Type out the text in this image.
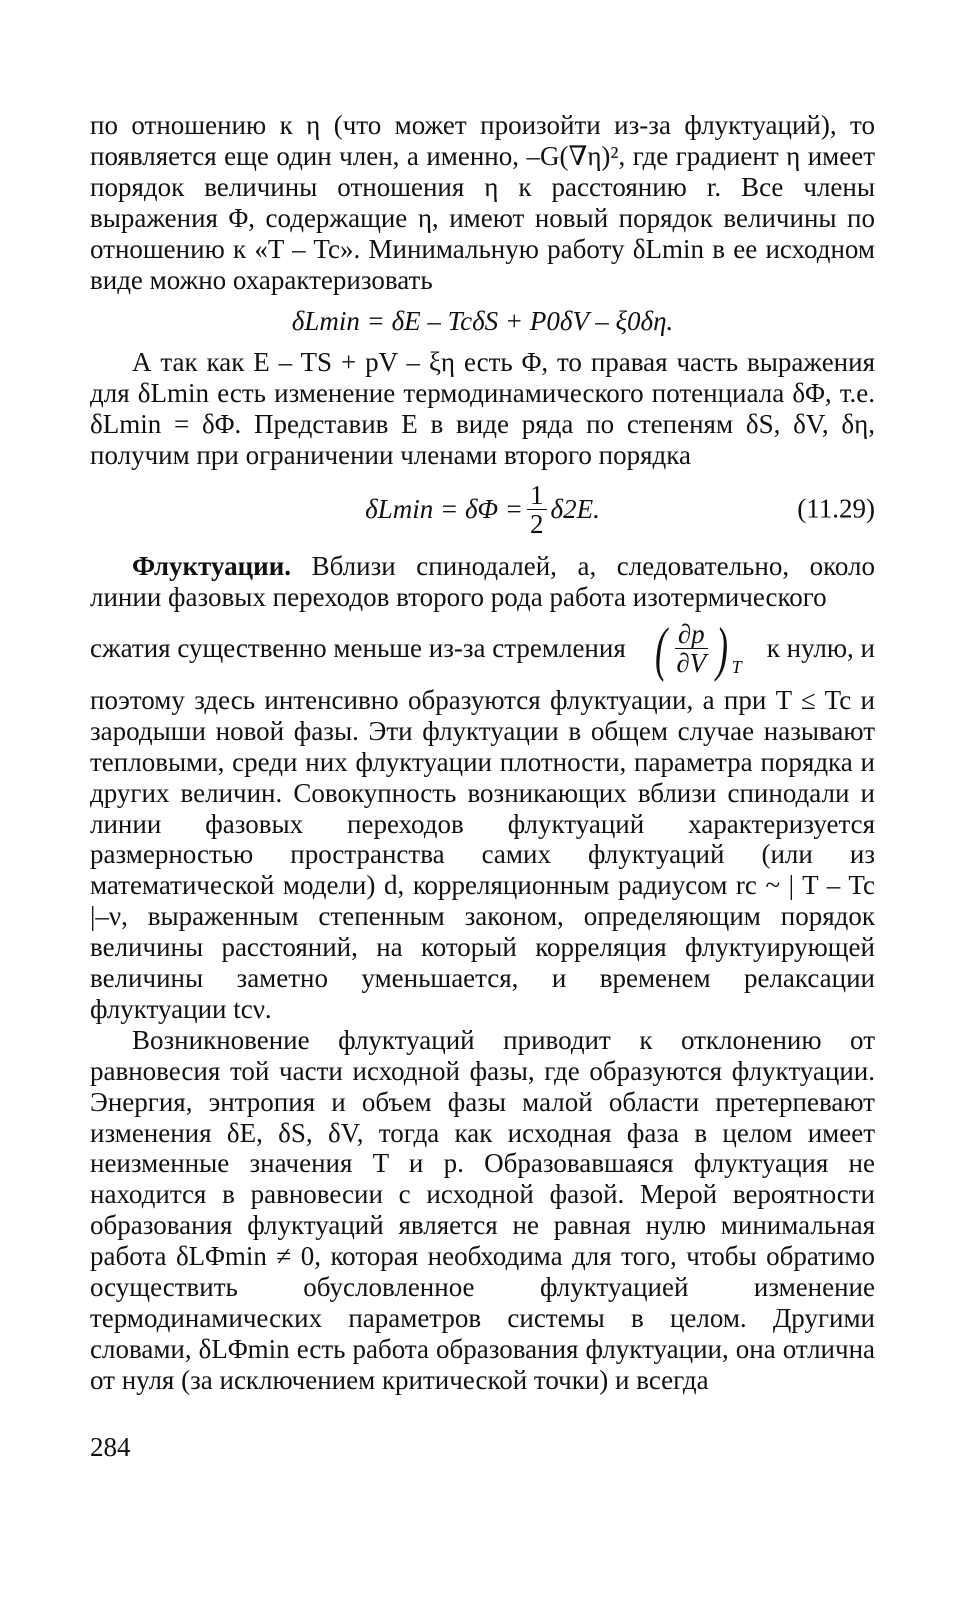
по отношению к η (что может произойти из-за флуктуаций), то появляется еще один член, а именно, –G(∇η)², где градиент η имеет порядок величины отношения η к расстоянию r. Все члены выражения Φ, содержащие η, имеют новый порядок величины по отношению к «T – Tc». Минимальную работу δLmin в ее исходном виде можно охарактеризовать

δLmin = δE – TcδS + P0δV – ξ0δη.

А так как E – TS + pV – ξη есть Φ, то правая часть выражения для δLmin есть изменение термодинамического потенциала δΦ, т.е. δLmin = δΦ. Представив E в виде ряда по степеням δS, δV, δη, получим при ограничении членами второго порядка

$\delta Lmin = \delta\Phi = \frac{1}{2} \delta 2E$.	(11.29)

Флуктуации. Вблизи спинодалей, а, следовательно, около линии фазовых переходов второго рода работа изотермического

сжатия существенно меньше из-за стремления ( $\frac{\partial p}{\partial V} )_T$
к нулю, и

поэтому здесь интенсивно образуются флуктуации, а при T ≤ Tc и зародыши новой фазы. Эти флуктуации в общем случае называют тепловыми, среди них флуктуации плотности, параметра порядка и других величин. Совокупность возникающих вблизи спинодали и линии фазовых переходов флуктуаций характеризуется размерностью пространства самих флуктуаций (или из математической модели) d, корреляционным радиусом rc ~ | T – Tc |–ν, выраженным степенным законом, определяющим порядок величины расстояний, на который корреляция флуктуирующей величины заметно уменьшается, и временем релаксации флуктуации tcν.

Возникновение флуктуаций приводит к отклонению от равновесия той части исходной фазы, где образуются флуктуации. Энергия, энтропия и объем фазы малой области претерпевают изменения δE, δS, δV, тогда как исходная фаза в целом имеет неизменные значения T и p. Образовавшаяся флуктуация не находится в равновесии с исходной фазой. Мерой вероятности образования флуктуаций является не равная нулю минимальная работа δLΦmin ≠ 0, которая необходима для того, чтобы обратимо осуществить обусловленное флуктуацией изменение термодинамических параметров системы в целом. Другими словами, δLΦmin есть работа образования флуктуации, она отлична от нуля (за исключением критической точки) и всегда

284
